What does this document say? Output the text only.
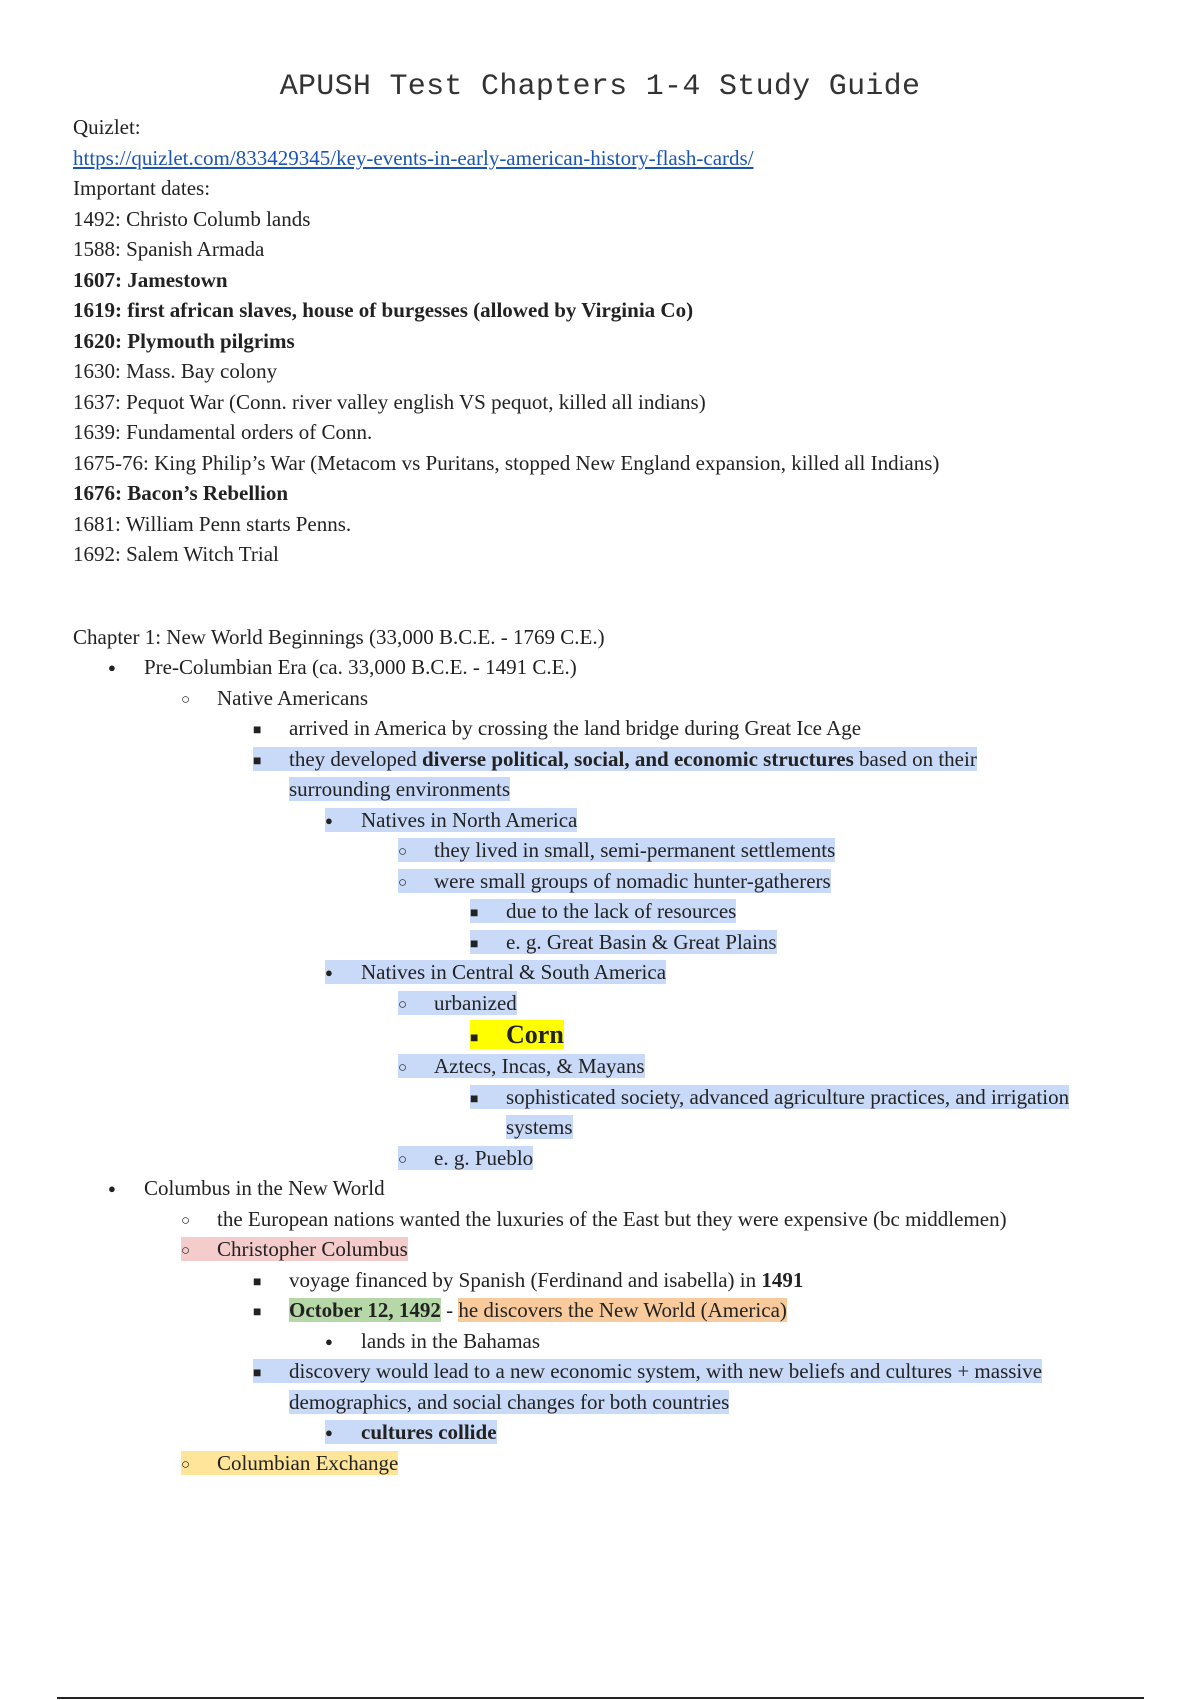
APUSH Test Chapters 1-4 Study Guide
Quizlet:
https://quizlet.com/833429345/key-events-in-early-american-history-flash-cards/
Important dates:
1492: Christo Columb lands
1588: Spanish Armada
1607: Jamestown
1619: first african slaves, house of burgesses (allowed by Virginia Co)
1620: Plymouth pilgrims
1630: Mass. Bay colony
1637: Pequot War (Conn. river valley english VS pequot, killed all indians)
1639: Fundamental orders of Conn.
1675-76: King Philip’s War (Metacom vs Puritans, stopped New England expansion, killed all Indians)
1676: Bacon’s Rebellion
1681: William Penn starts Penns.
1692: Salem Witch Trial
Chapter 1: New World Beginnings (33,000 B.C.E. - 1769 C.E.)
●Pre-Columbian Era (ca. 33,000 B.C.E. - 1491 C.E.)
○Native Americans
■arrived in America by crossing the land bridge during Great Ice Age
■they developed diverse political, social, and economic structures based on their
surrounding environments
●Natives in North America
○they lived in small, semi-permanent settlements
○were small groups of nomadic hunter-gatherers
■due to the lack of resources
■e. g. Great Basin & Great Plains
●Natives in Central & South America
○urbanized
■Corn
○Aztecs, Incas, & Mayans
■sophisticated society, advanced agriculture practices, and irrigation
systems
○e. g. Pueblo
●Columbus in the New World
○the European nations wanted the luxuries of the East but they were expensive (bc middlemen)
○Christopher Columbus
■voyage financed by Spanish (Ferdinand and isabella) in 1491
■October 12, 1492 - he discovers the New World (America)
●lands in the Bahamas
■discovery would lead to a new economic system, with new beliefs and cultures + massive
demographics, and social changes for both countries
●cultures collide
○Columbian Exchange
